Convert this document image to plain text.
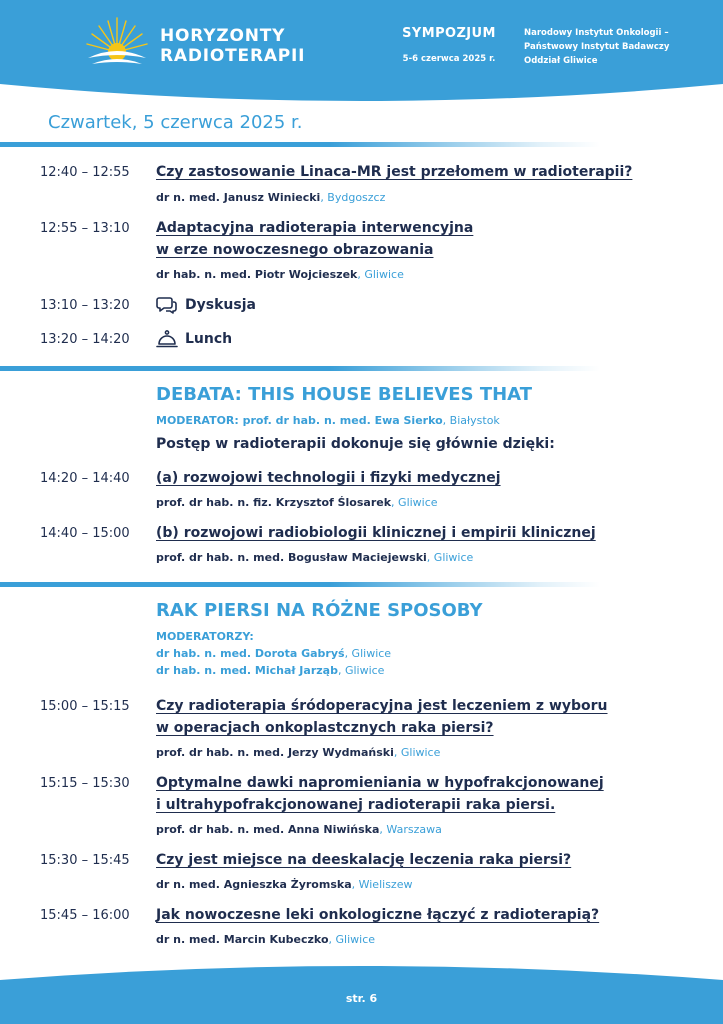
HORYZONTY
RADIOTERAPII
SYMPOZJUM
5-6 czerwca 2025 r.
Narodowy Instytut Onkologii –
Państwowy Instytut Badawczy
Oddział Gliwice
Czwartek, 5 czerwca 2025 r.
12:40 – 12:55 Czy zastosowanie Linaca-MR jest przełomem w radioterapii?
dr n. med. Janusz Winiecki, Bydgoszcz
12:55 – 13:10 Adaptacyjna radioterapia interwencyjna
w erze nowoczesnego obrazowania
dr hab. n. med. Piotr Wojcieszek, Gliwice
13:10 – 13:20	Dyskusja
13:20 – 14:20	Lunch
DEBATA: THIS HOUSE BELIEVES THAT
MODERATOR: prof. dr hab. n. med. Ewa Sierko, Białystok
Postęp w radioterapii dokonuje się głównie dzięki:
14:20 – 14:40 (a) rozwojowi technologii i fizyki medycznej
prof. dr hab. n. fiz. Krzysztof Ślosarek, Gliwice
14:40 – 15:00 (b) rozwojowi radiobiologii klinicznej i empirii klinicznej
prof. dr hab. n. med. Bogusław Maciejewski, Gliwice
RAK PIERSI NA RÓŻNE SPOSOBY
MODERATORZY:
dr hab. n. med. Dorota Gabryś, Gliwice
dr hab. n. med. Michał Jarząb, Gliwice
15:00 – 15:15 Czy radioterapia śródoperacyjna jest leczeniem z wyboru
w operacjach onkoplastcznych raka piersi?
prof. dr hab. n. med. Jerzy Wydmański, Gliwice
15:15 – 15:30 Optymalne dawki napromieniania w hypofrakcjonowanej
i ultrahypofrakcjonowanej radioterapii raka piersi.
prof. dr hab. n. med. Anna Niwińska, Warszawa
15:30 – 15:45 Czy jest miejsce na deeskalację leczenia raka piersi?
dr n. med. Agnieszka Żyromska, Wieliszew
15:45 – 16:00 Jak nowoczesne leki onkologiczne łączyć z radioterapią?
dr n. med. Marcin Kubeczko, Gliwice
str. 6
